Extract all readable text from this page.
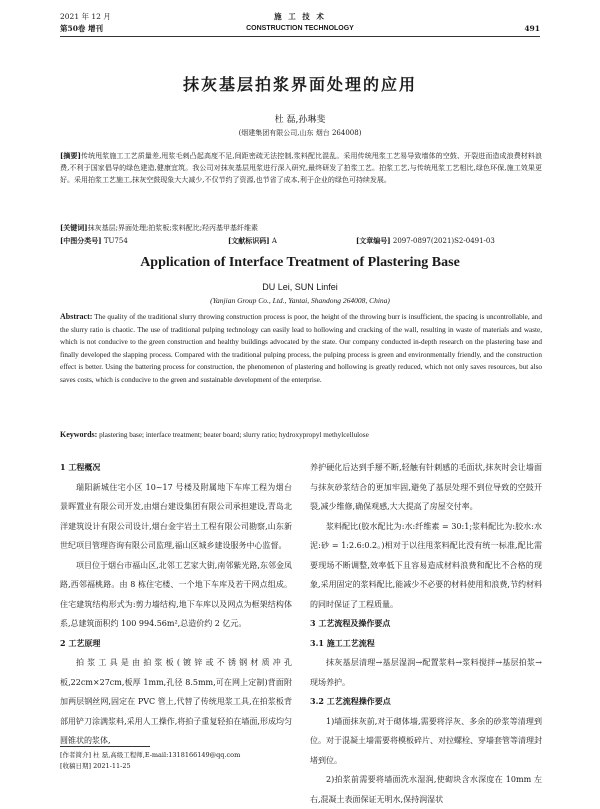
2021 年 12 月
第50卷 增刊
施 工 技 术
CONSTRUCTION TECHNOLOGY	491
抹灰基层拍浆界面处理的应用
杜 磊,孙琳斐
(烟建集团有限公司,山东 烟台 264008)
[摘要]传统甩浆施工工艺质量差,甩浆毛刺凸起高度不足,间距密疏无法控制,浆料配比混乱。采用传统甩浆工艺易导致墙体的空鼓、开裂进而造成浪费材料浪费,不利于国家倡导的绿色建造,健康宜筑。我公司对抹灰基层甩浆进行深入研究,最终研发了拍浆工艺。拍浆工艺,与传统甩浆工艺相比,绿色环保,施工效果更好。采用拍浆工艺施工,抹灰空鼓现象大大减少,不仅节约了资源,也节省了成本,利于企业的绿色可持续发展。
[关键词]抹灰基层;界面处理;拍浆板;浆料配比;羟丙基甲基纤维素
[中图分类号] TU754	[文献标识码] A	[文章编号] 2097-0897(2021)S2-0491-03
Application of Interface Treatment of Plastering Base
DU Lei, SUN Linfei
(Yanjian Group Co., Ltd., Yantai, Shandong 264008, China)
Abstract: The quality of the traditional slurry throwing construction process is poor, the height of the throwing burr is insufficient, the spacing is uncontrollable, and the slurry ratio is chaotic. The use of traditional pulping technology can easily lead to hollowing and cracking of the wall, resulting in waste of materials and waste, which is not conducive to the green construction and healthy buildings advocated by the state. Our company conducted in-depth research on the plastering base and finally developed the slapping process. Compared with the traditional pulping process, the pulping process is green and environmentally friendly, and the construction effect is better. Using the battering process for construction, the phenomenon of plastering and hollowing is greatly reduced, which not only saves resources, but also saves costs, which is conducive to the green and sustainable development of the enterprise.
Keywords: plastering base; interface treatment; beater board; slurry ratio; hydroxypropyl methylcellulose

1 工程概况

瑞阳新城住宅小区 10~17 号楼及附属地下车库工程为烟台景晖置业有限公司开发,由烟台建设集团有限公司承担建设,青岛北洋建筑设计有限公司设计,烟台金宇岩土工程有限公司勘察,山东新世纪项目管理咨询有限公司监理,福山区城乡建设服务中心监督。

项目位于烟台市福山区,北邻工艺家大街,南邻紫光路,东邻金凤路,西邻福桃路。由 8 栋住宅楼、一个地下车库及若干网点组成。住宅建筑结构形式为:剪力墙结构,地下车库以及网点为框架结构体系,总建筑面积约 100 994.56m²,总造价约 2 亿元。

2 工艺原理

拍浆工具是由拍浆板(镀锌或不锈钢材质冲孔板,22cm×27cm,板厚 1mm,孔径 8.5mm,可在网上定制)背面附加两层钢丝网,固定在 PVC 管上,代替了传统甩浆工具,在拍浆板背部用铲刀涂满浆料,采用人工操作,将拍子重复轻拍在墙面,形成均匀圆锥状的浆体,

养护硬化后达到手掰不断,轻触有针刺感的毛面状,抹灰时会让墙面与抹灰砂浆结合的更加牢固,避免了基层处理不到位导致的空鼓开裂,减少维修,确保观感,大大提高了房屋交付率。

浆料配比(胶水配比为:水:纤维素 = 30:1;浆料配比为:胶水:水泥:砂 = 1:2.6:0.2。)相对于以往甩浆料配比没有统一标准,配比需要现场不断调整,效率低下且容易造成材料浪费和配比不合格的现象,采用固定的浆料配比,能减少不必要的材料使用和浪费,节约材料的同时保证了工程质量。

3 工艺流程及操作要点

3.1 施工工艺流程

抹灰基层清理→基层湿润→配置浆料→浆料搅拌→基层拍浆→现场养护。

3.2 工艺流程操作要点

1)墙面抹灰前,对于砌体墙,需要将浮灰、多余的砂浆等清理到位。对于混凝土墙需要将模板碎片、对拉螺栓、穿墙套管等清理封堵到位。

2)拍浆前需要将墙面洗水湿润,使砌块含水深度在 10mm 左右,混凝土表面保证无明水,保持润湿状

[作者简介] 杜 磊,高级工程师,E-mail:1318166149@qq.com
[收稿日期] 2021-11-25
